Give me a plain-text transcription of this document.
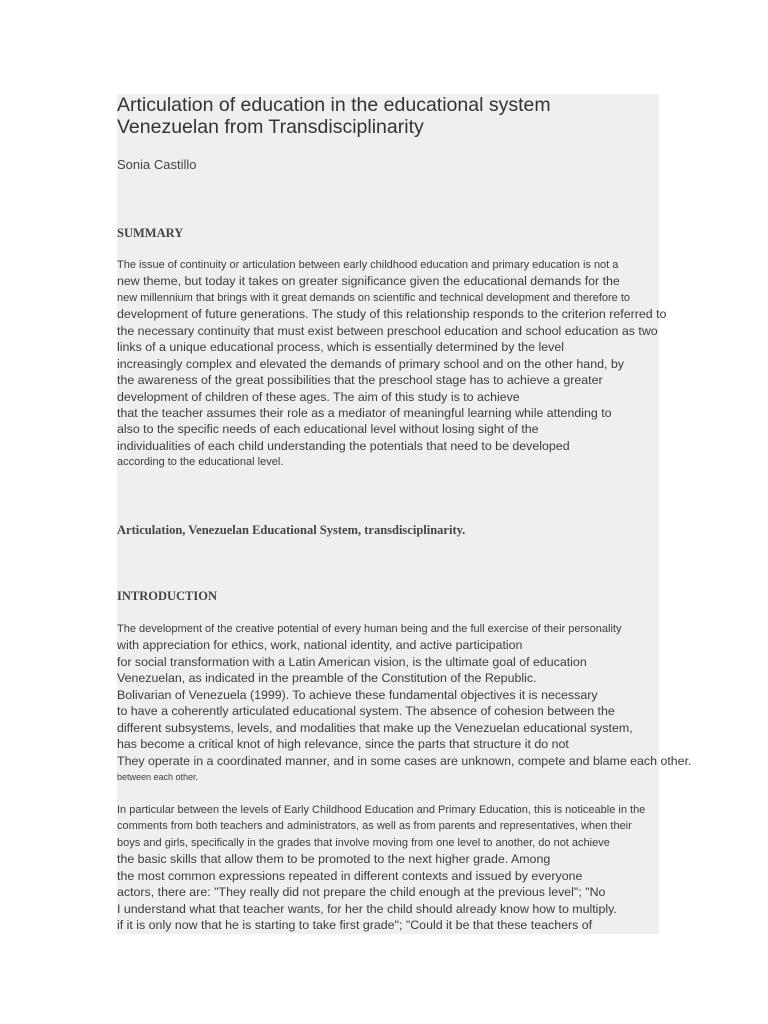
Articulation of education in the educational system
Venezuelan from Transdisciplinarity
Sonia Castillo
SUMMARY
The issue of continuity or articulation between early childhood education and primary education is not a
new theme, but today it takes on greater significance given the educational demands for the
new millennium that brings with it great demands on scientific and technical development and therefore to
development of future generations. The study of this relationship responds to the criterion referred to
the necessary continuity that must exist between preschool education and school education as two
links of a unique educational process, which is essentially determined by the level
increasingly complex and elevated the demands of primary school and on the other hand, by
the awareness of the great possibilities that the preschool stage has to achieve a greater
development of children of these ages. The aim of this study is to achieve
that the teacher assumes their role as a mediator of meaningful learning while attending to
also to the specific needs of each educational level without losing sight of the
individualities of each child understanding the potentials that need to be developed
according to the educational level.
Articulation, Venezuelan Educational System, transdisciplinarity.
INTRODUCTION
The development of the creative potential of every human being and the full exercise of their personality
with appreciation for ethics, work, national identity, and active participation
for social transformation with a Latin American vision, is the ultimate goal of education
Venezuelan, as indicated in the preamble of the Constitution of the Republic.
Bolivarian of Venezuela (1999). To achieve these fundamental objectives it is necessary
to have a coherently articulated educational system. The absence of cohesion between the
different subsystems, levels, and modalities that make up the Venezuelan educational system,
has become a critical knot of high relevance, since the parts that structure it do not
They operate in a coordinated manner, and in some cases are unknown, compete and blame each other.
between each other.
In particular between the levels of Early Childhood Education and Primary Education, this is noticeable in the
comments from both teachers and administrators, as well as from parents and representatives, when their
boys and girls, specifically in the grades that involve moving from one level to another, do not achieve
the basic skills that allow them to be promoted to the next higher grade. Among
the most common expressions repeated in different contexts and issued by everyone
actors, there are: "They really did not prepare the child enough at the previous level"; "No
I understand what that teacher wants, for her the child should already know how to multiply.
if it is only now that he is starting to take first grade"; "Could it be that these teachers of
